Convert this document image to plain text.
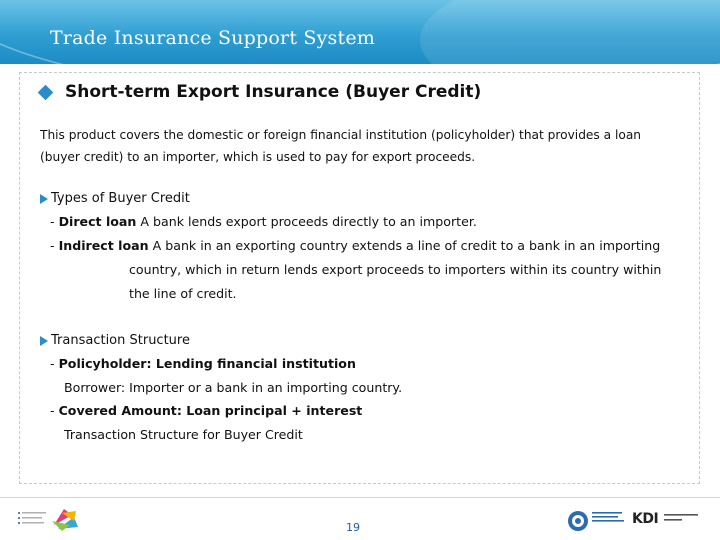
Trade Insurance Support System
Short-term Export Insurance (Buyer Credit)
This product covers the domestic or foreign financial institution (policyholder) that provides a loan
(buyer credit) to an importer, which is used to pay for export proceeds.
Types of Buyer Credit
- Direct loan A bank lends export proceeds directly to an importer.
- Indirect loan A bank in an exporting country extends a line of credit to a bank in an importing
country, which in return lends export proceeds to importers within its country within
the line of credit.
Transaction Structure
- Policyholder: Lending financial institution
Borrower: Importer or a bank in an importing country.
- Covered Amount: Loan principal + interest
Transaction Structure for Buyer Credit
19
KDI
